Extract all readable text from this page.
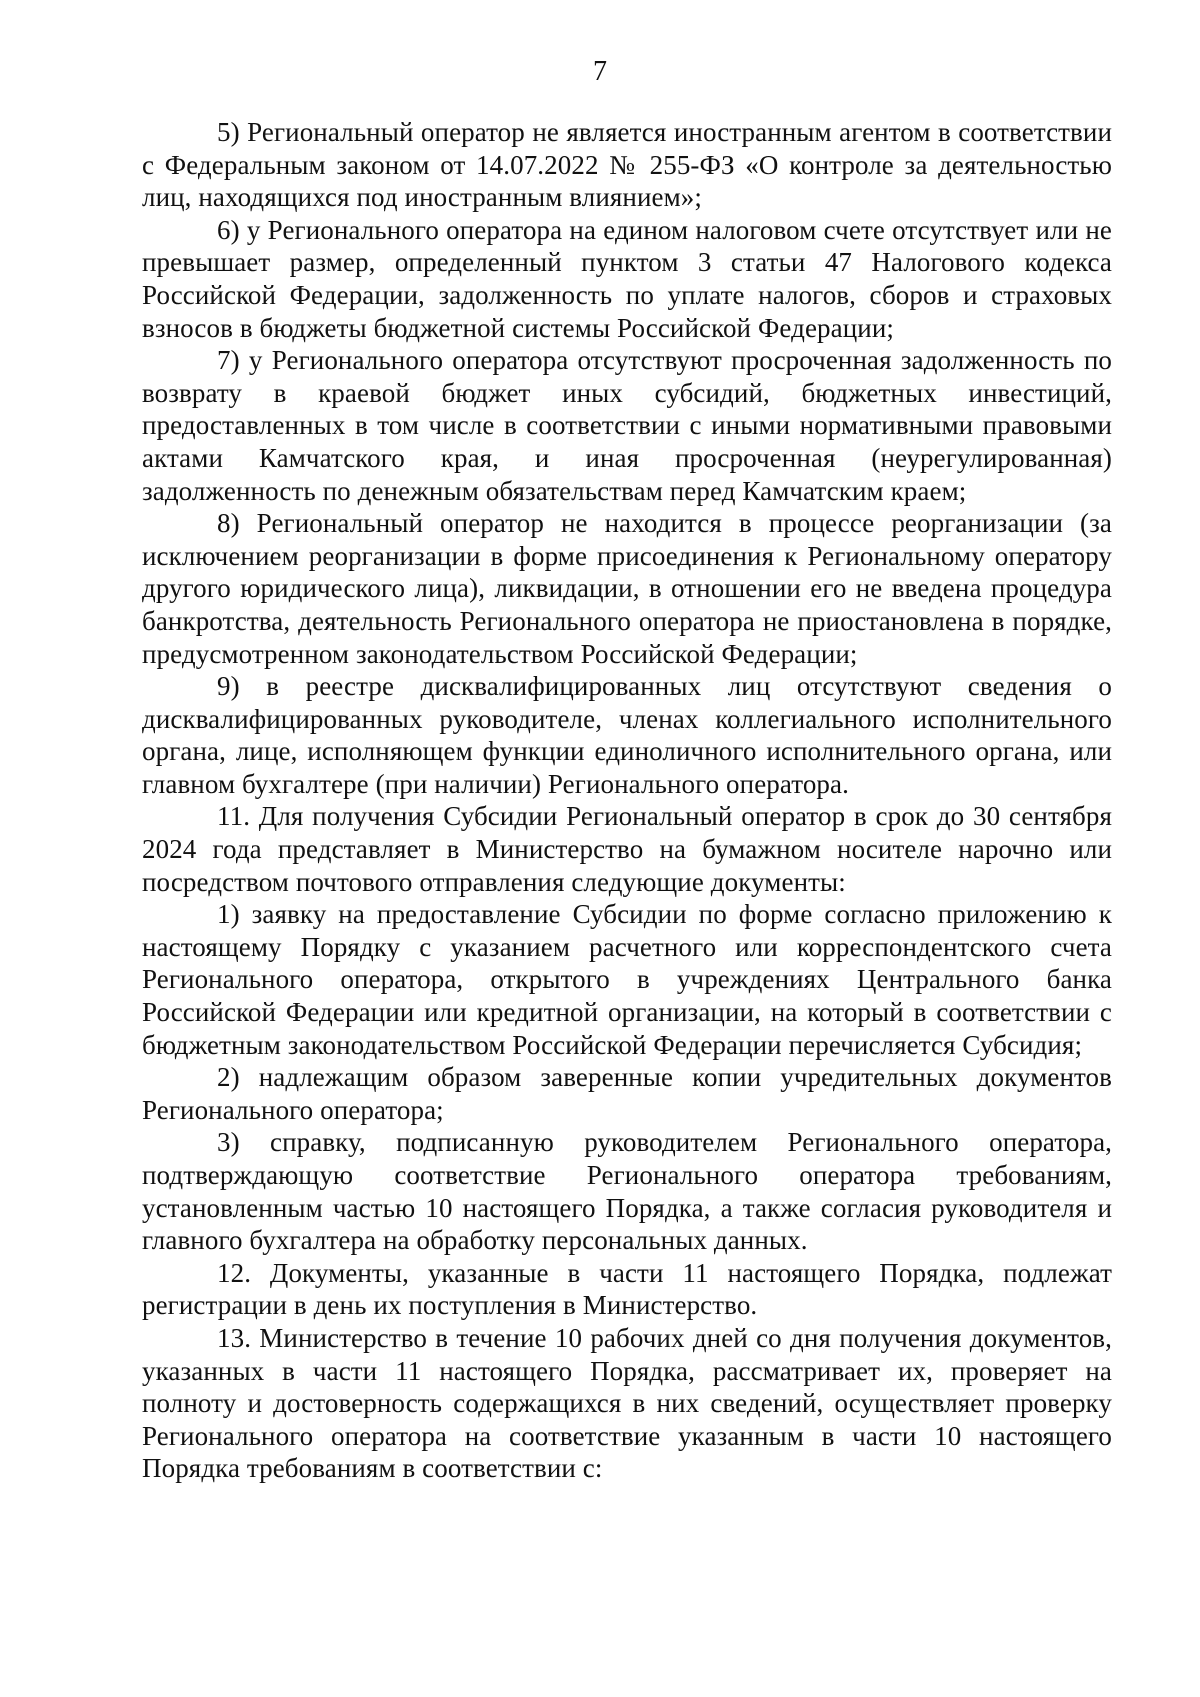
7

5) Региональный оператор не является иностранным агентом в соответствии с Федеральным законом от 14.07.2022 № 255-ФЗ «О контроле за деятельностью лиц, находящихся под иностранным влиянием»;

6) у Регионального оператора на едином налоговом счете отсутствует или не превышает размер, определенный пунктом 3 статьи 47 Налогового кодекса Российской Федерации, задолженность по уплате налогов, сборов и страховых взносов в бюджеты бюджетной системы Российской Федерации;

7) у Регионального оператора отсутствуют просроченная задолженность по возврату в краевой бюджет иных субсидий, бюджетных инвестиций, предоставленных в том числе в соответствии с иными нормативными правовыми актами Камчатского края, и иная просроченная (неурегулированная) задолженность по денежным обязательствам перед Камчатским краем;

8) Региональный оператор не находится в процессе реорганизации (за исключением реорганизации в форме присоединения к Региональному оператору другого юридического лица), ликвидации, в отношении его не введена процедура банкротства, деятельность Регионального оператора не приостановлена в порядке, предусмотренном законодательством Российской Федерации;

9) в реестре дисквалифицированных лиц отсутствуют сведения о дисквалифицированных руководителе, членах коллегиального исполнительного органа, лице, исполняющем функции единоличного исполнительного органа, или главном бухгалтере (при наличии) Регионального оператора.

11. Для получения Субсидии Региональный оператор в срок до 30 сентября 2024 года представляет в Министерство на бумажном носителе нарочно или посредством почтового отправления следующие документы:

1) заявку на предоставление Субсидии по форме согласно приложению к настоящему Порядку с указанием расчетного или корреспондентского счета Регионального оператора, открытого в учреждениях Центрального банка Российской Федерации или кредитной организации, на который в соответствии с бюджетным законодательством Российской Федерации перечисляется Субсидия;

2) надлежащим образом заверенные копии учредительных документов Регионального оператора;

3) справку, подписанную руководителем Регионального оператора, подтверждающую соответствие Регионального оператора требованиям, установленным частью 10 настоящего Порядка, а также согласия руководителя и главного бухгалтера на обработку персональных данных.

12. Документы, указанные в части 11 настоящего Порядка, подлежат регистрации в день их поступления в Министерство.

13. Министерство в течение 10 рабочих дней со дня получения документов, указанных в части 11 настоящего Порядка, рассматривает их, проверяет на полноту и достоверность содержащихся в них сведений, осуществляет проверку Регионального оператора на соответствие указанным в части 10 настоящего Порядка требованиям в соответствии с:
